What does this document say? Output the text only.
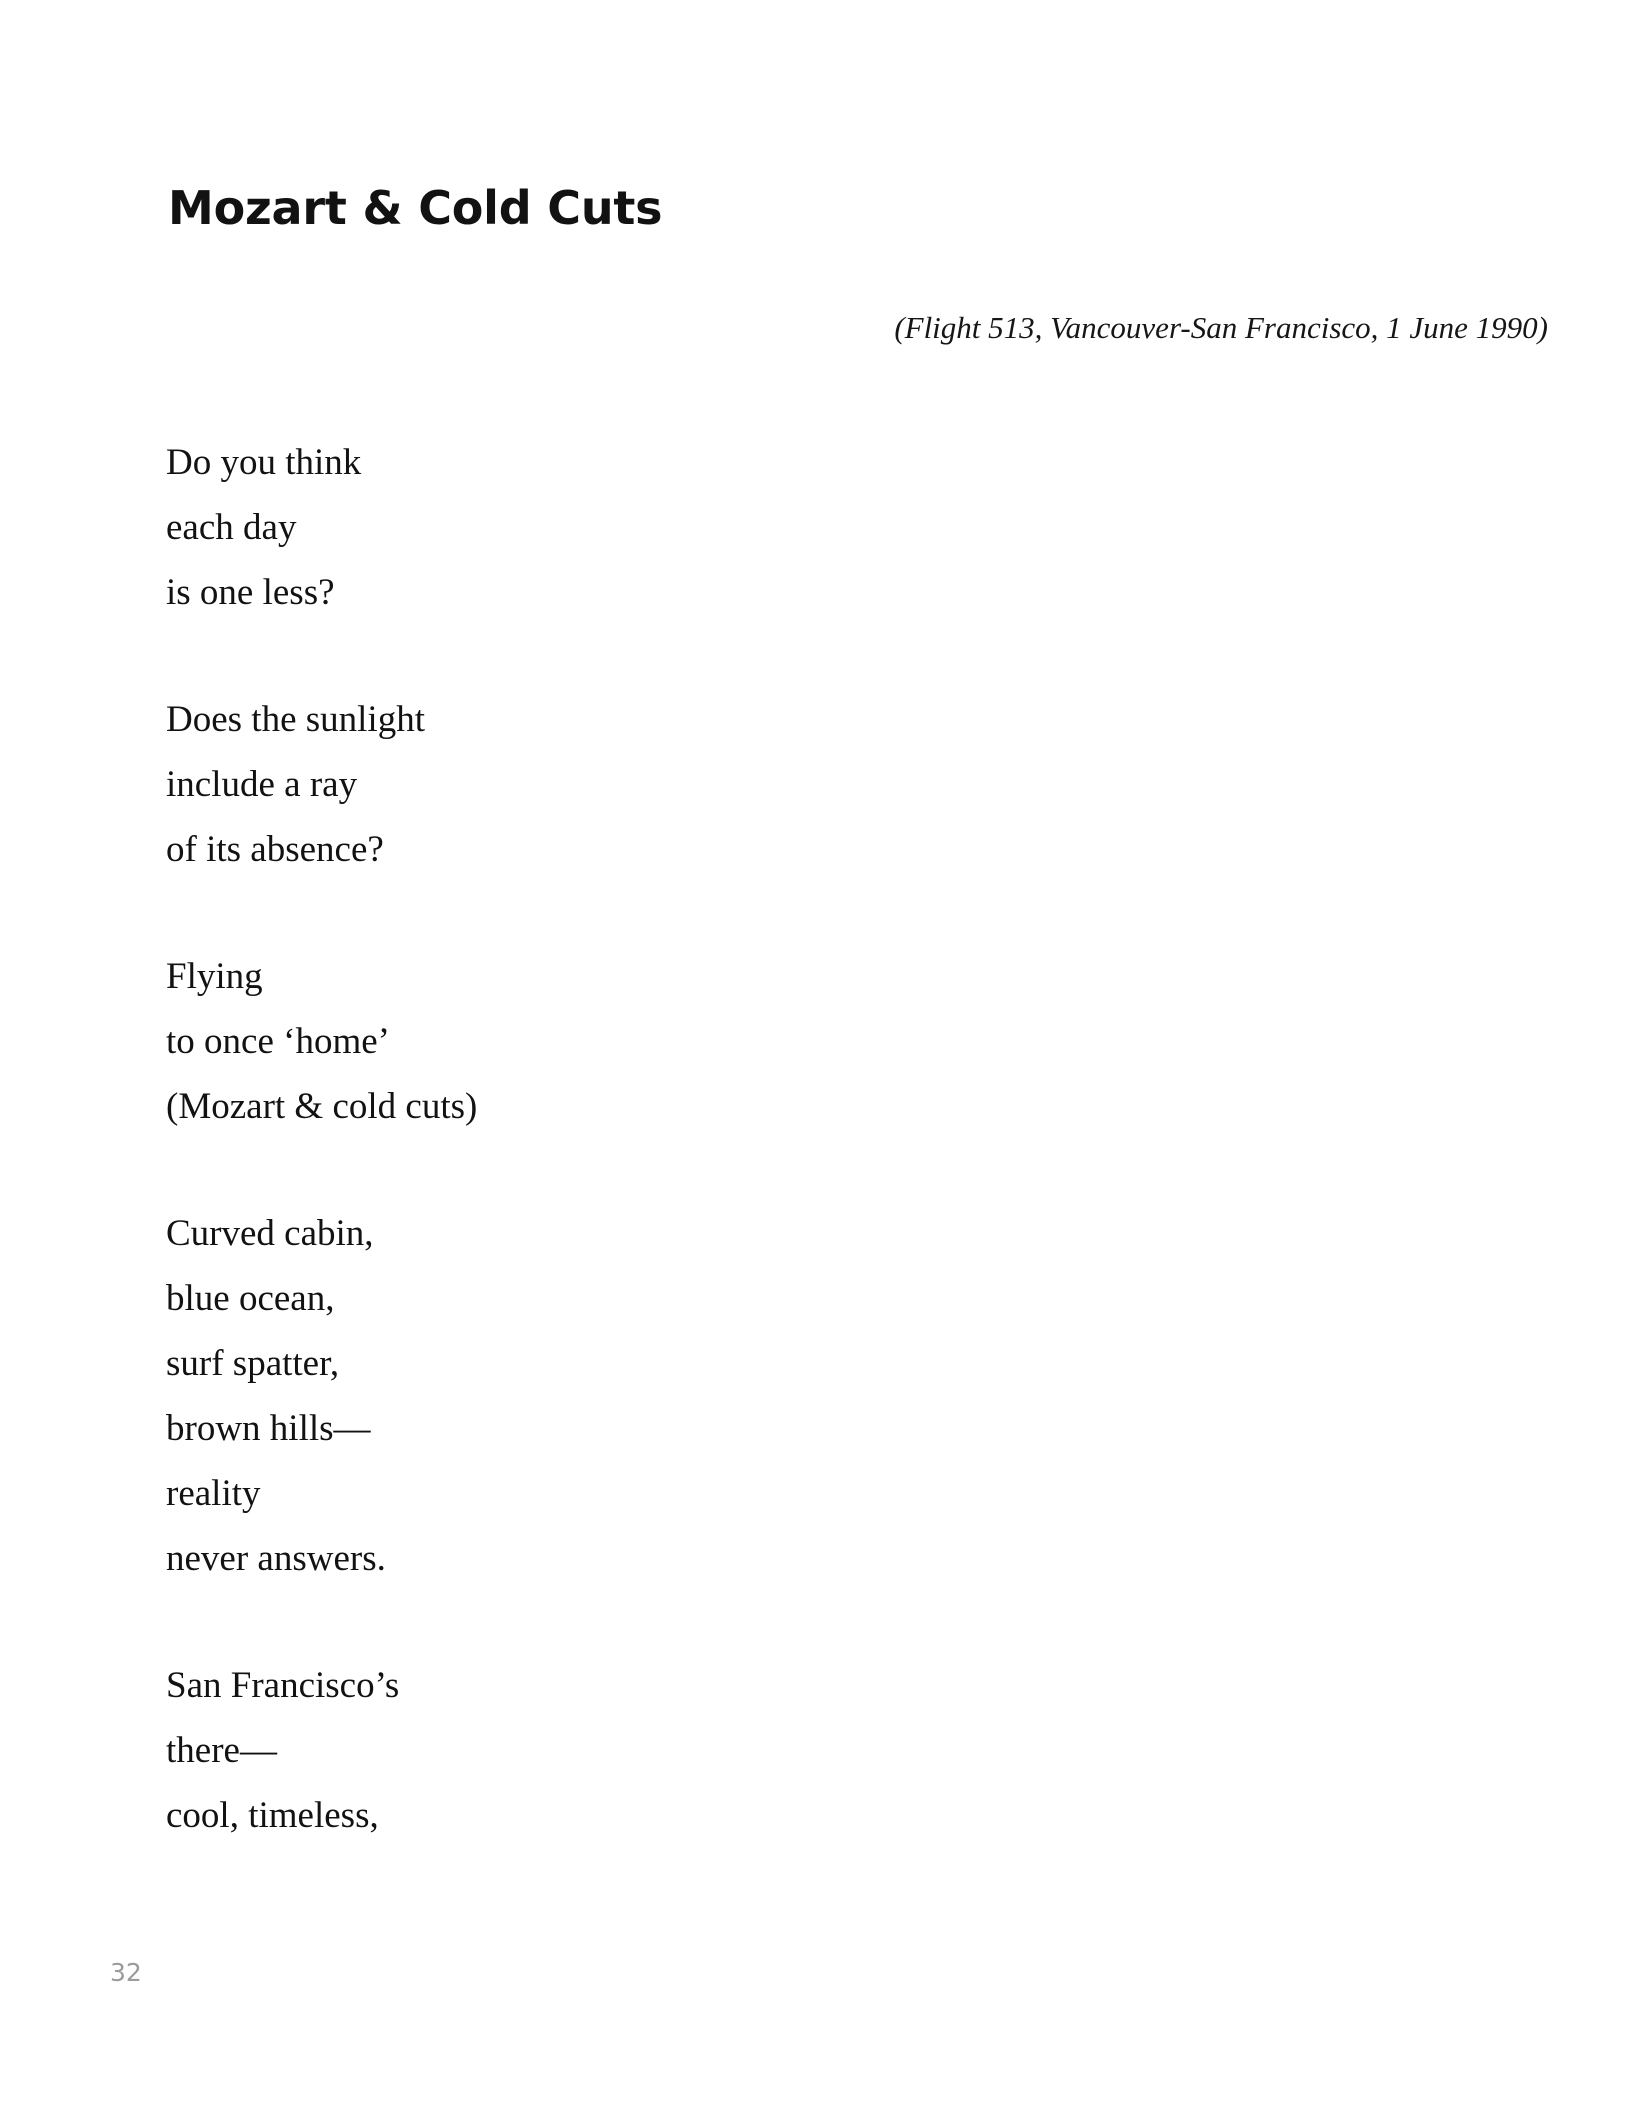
Mozart & Cold Cuts
(Flight 513, Vancouver-San Francisco, 1 June 1990)
Do you think
each day
is one less?
Does the sunlight
include a ray
of its absence?
Flying
to once ‘home’
(Mozart & cold cuts)
Curved cabin,
blue ocean,
surf spatter,
brown hills—
reality
never answers.
San Francisco’s
there—
cool, timeless,
32
